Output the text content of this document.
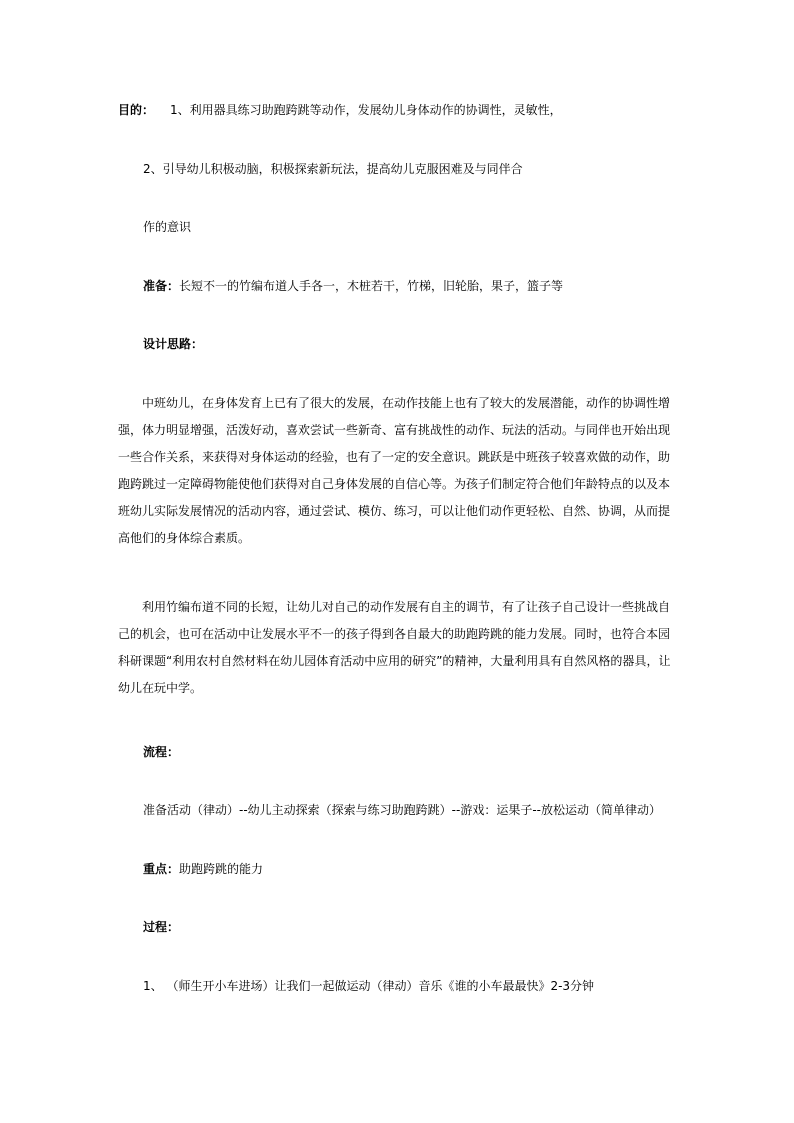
目的： 1、利用器具练习助跑跨跳等动作，发展幼儿身体动作的协调性，灵敏性，
2、引导幼儿积极动脑，积极探索新玩法，提高幼儿克服困难及与同伴合
作的意识
准备：长短不一的竹编布道人手各一，木桩若干，竹梯，旧轮胎，果子，篮子等
设计思路：
中班幼儿，在身体发育上已有了很大的发展，在动作技能上也有了较大的发展潜能，动作的协调性增强，体力明显增强，活泼好动，喜欢尝试一些新奇、富有挑战性的动作、玩法的活动。与同伴也开始出现一些合作关系，来获得对身体运动的经验，也有了一定的安全意识。跳跃是中班孩子较喜欢做的动作，助跑跨跳过一定障碍物能使他们获得对自己身体发展的自信心等。为孩子们制定符合他们年龄特点的以及本班幼儿实际发展情况的活动内容，通过尝试、模仿、练习，可以让他们动作更轻松、自然、协调，从而提高他们的身体综合素质。
利用竹编布道不同的长短，让幼儿对自己的动作发展有自主的调节，有了让孩子自己设计一些挑战自己的机会，也可在活动中让发展水平不一的孩子得到各自最大的助跑跨跳的能力发展。同时，也符合本园科研课题“利用农村自然材料在幼儿园体育活动中应用的研究”的精神，大量利用具有自然风格的器具，让幼儿在玩中学。
流程：
准备活动（律动）--幼儿主动探索（探索与练习助跑跨跳）--游戏：运果子--放松运动（简单律动）
重点：助跑跨跳的能力
过程：
1、 （师生开小车进场）让我们一起做运动（律动）音乐《谁的小车最最快》2-3分钟
